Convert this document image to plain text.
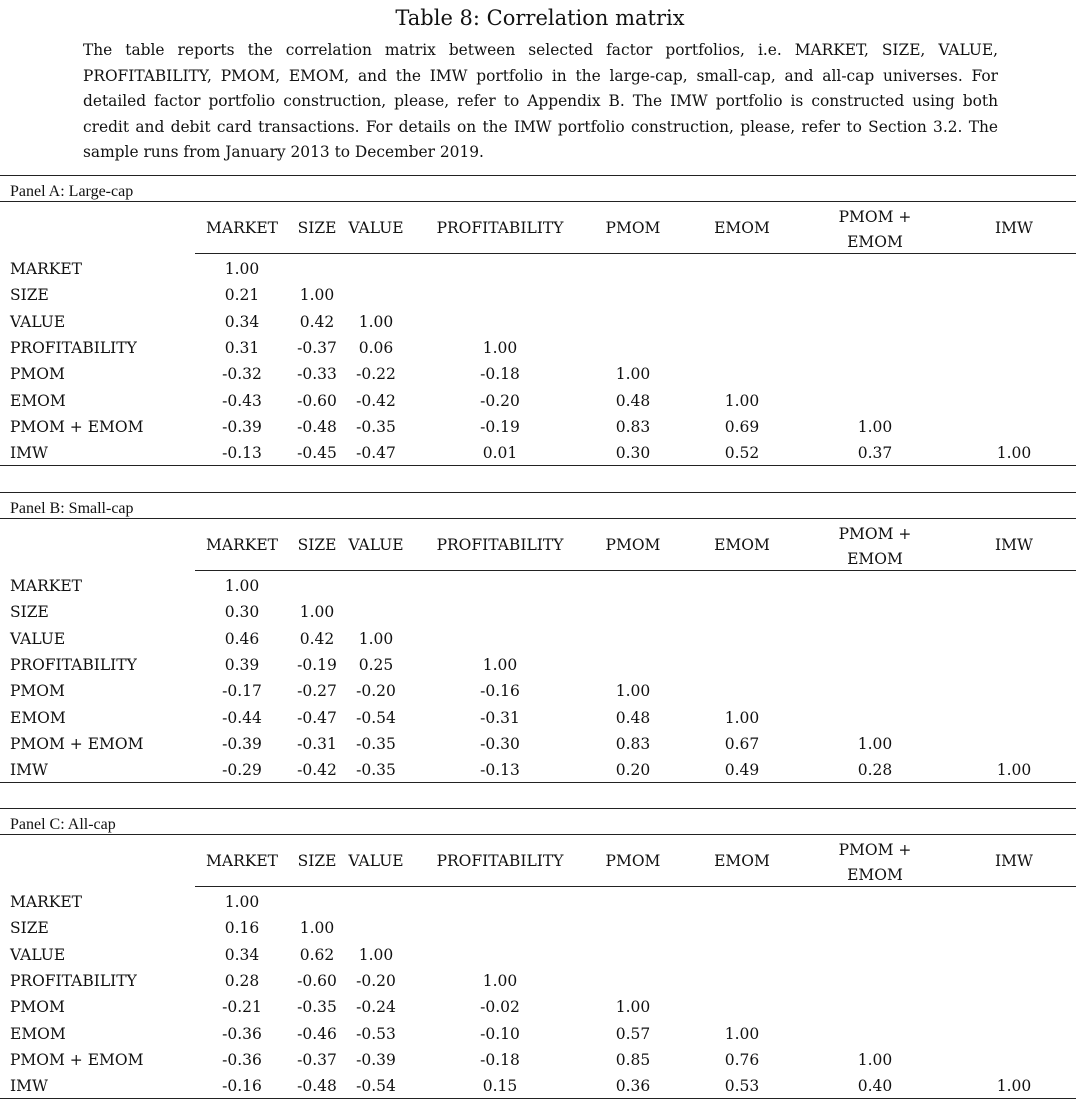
Table 8: Correlation matrix
The table reports the correlation matrix between selected factor portfolios, i.e. MARKET, SIZE, VALUE, PROFITABILITY, PMOM, EMOM, and the IMW portfolio in the large-cap, small-cap, and all-cap universes. For detailed factor portfolio construction, please, refer to Appendix B. The IMW portfolio is constructed using both credit and debit card transactions. For details on the IMW portfolio construction, please, refer to Section 3.2. The sample runs from January 2013 to December 2019.
Panel A: Large-cap
MARKET SIZE VALUE PROFITABILITY	PMOM	EMOM
PMOM +
EMOM
IMW
MARKET	1.00
SIZE	0.21	1.00
VALUE	0.34	0.42 1.00
PROFITABILITY	0.31 -0.37 0.06	1.00
PMOM	-0.32 -0.33 -0.22	-0.18	1.00
EMOM	-0.43 -0.60 -0.42	-0.20	0.48	1.00
PMOM + EMOM	-0.39 -0.48 -0.35	-0.19	0.83	0.69	1.00
IMW	-0.13 -0.45 -0.47	0.01	0.30	0.52	0.37	1.00
Panel B: Small-cap
MARKET SIZE VALUE PROFITABILITY	PMOM	EMOM
PMOM +
EMOM
IMW
MARKET	1.00
SIZE	0.30	1.00
VALUE	0.46	0.42 1.00
PROFITABILITY	0.39 -0.19 0.25	1.00
PMOM	-0.17 -0.27 -0.20	-0.16	1.00
EMOM	-0.44 -0.47 -0.54	-0.31	0.48	1.00
PMOM + EMOM	-0.39 -0.31 -0.35	-0.30	0.83	0.67	1.00
IMW	-0.29 -0.42 -0.35	-0.13	0.20	0.49	0.28	1.00
Panel C: All-cap
MARKET SIZE VALUE PROFITABILITY	PMOM	EMOM
PMOM +
EMOM
IMW
MARKET	1.00
SIZE	0.16	1.00
VALUE	0.34	0.62 1.00
PROFITABILITY	0.28 -0.60 -0.20	1.00
PMOM	-0.21 -0.35 -0.24	-0.02	1.00
EMOM	-0.36 -0.46 -0.53	-0.10	0.57	1.00
PMOM + EMOM	-0.36 -0.37 -0.39	-0.18	0.85	0.76	1.00
IMW	-0.16 -0.48 -0.54	0.15	0.36	0.53	0.40	1.00
